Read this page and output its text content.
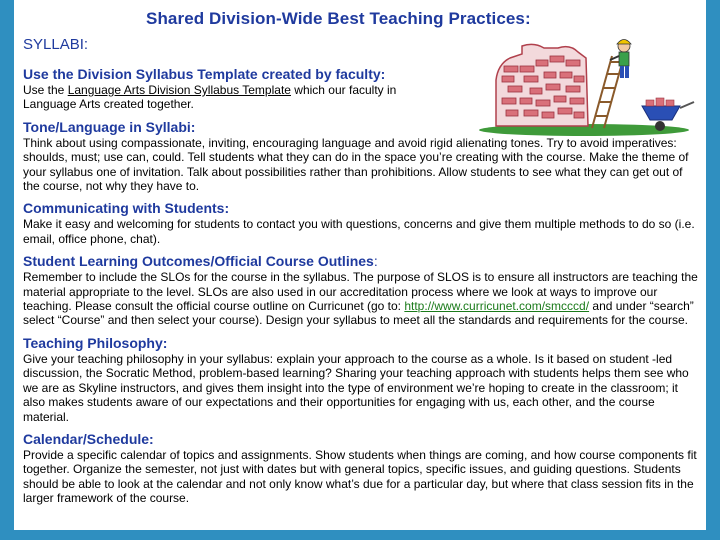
Shared Division-Wide Best Teaching Practices:
SYLLABI:
Use the Division Syllabus Template created by faculty:

Use the Language Arts Division Syllabus Template which our faculty in Language Arts created together.

Tone/Language in Syllabi:

Think about using compassionate, inviting, encouraging language and avoid rigid alienating tones. Try to avoid imperatives: shoulds, must; use can, could. Tell students what they can do in the space you’re creating with the course. Make the theme of your syllabus one of invitation. Talk about possibilities rather than prohibitions. Allow students to see what they can get out of the course, not why they have to.

Communicating with Students:

Make it easy and welcoming for students to contact you with questions, concerns and give them multiple methods to do so (i.e. email, office phone, chat).

Student Learning Outcomes/Official Course Outlines:

Remember to include the SLOs for the course in the syllabus. The purpose of SLOS is to ensure all instructors are teaching the material appropriate to the level. SLOs are also used in our accreditation process where we look at ways to improve our teaching. Please consult the official course outline on Curricunet (go to: http://www.curricunet.com/smcccd/ and under “search” select “Course” and then select your course). Design your syllabus to meet all the standards and requirements for the course.

Teaching Philosophy:

Give your teaching philosophy in your syllabus: explain your approach to the course as a whole. Is it based on student -led discussion, the Socratic Method, problem-based learning? Sharing your teaching approach with students helps them see who we are as Skyline instructors, and gives them insight into the type of environment we’re hoping to create in the classroom; it also makes students aware of our expectations and their opportunities for engaging with us, each other, and the course material.

Calendar/Schedule:

Provide a specific calendar of topics and assignments. Show students when things are coming, and how course components fit together. Organize the semester, not just with dates but with general topics, specific issues, and guiding questions. Students should be able to look at the calendar and not only know what’s due for a particular day, but where that class session fits in the larger framework of the course.
